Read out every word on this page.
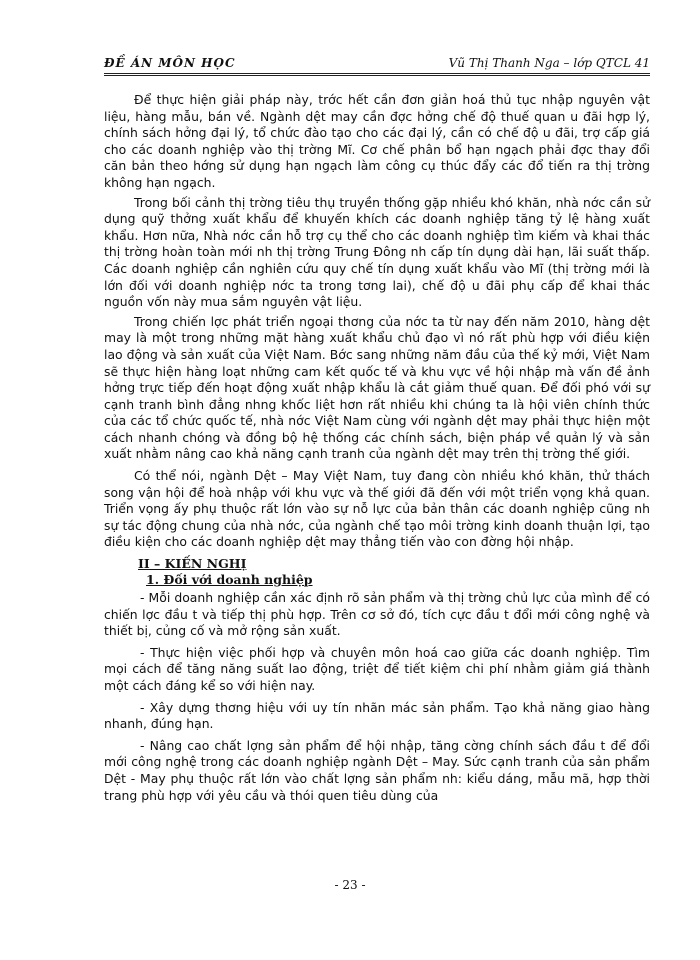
ĐỀ ÁN MÔN HỌC	Vũ Thị Thanh Nga – lớp QTCL 41

Để thực hiện giải pháp này, trớc hết cần đơn giản hoá thủ tục nhập nguyên vật liệu, hàng mẫu, bán về. Ngành dệt may cần đợc hởng chế độ thuế quan u đãi hợp lý, chính sách hởng đại lý, tổ chức đào tạo cho các đại lý, cần có chế độ u đãi, trợ cấp giá cho các doanh nghiệp vào thị trờng Mĩ. Cơ chế phân bổ hạn ngạch phải đợc thay đổi căn bản theo hớng sử dụng hạn ngạch làm công cụ thúc đẩy các đổ tiến ra thị trờng không hạn ngạch.

Trong bối cảnh thị trờng tiêu thụ truyền thống gặp nhiều khó khăn, nhà nớc cần sử dụng quỹ thởng xuất khẩu để khuyến khích các doanh nghiệp tăng tỷ lệ hàng xuất khẩu. Hơn nữa, Nhà nớc cần hỗ trợ cụ thể cho các doanh nghiệp tìm kiếm và khai thác thị trờng hoàn toàn mới nh thị trờng Trung Đông nh cấp tín dụng dài hạn, lãi suất thấp. Các doanh nghiệp cần nghiên cứu quy chế tín dụng xuất khẩu vào Mĩ (thị trờng mới là lớn đối với doanh nghiệp nớc ta trong tơng lai), chế độ u đãi phụ cấp để khai thác nguồn vốn này mua sắm nguyên vật liệu.

Trong chiến lợc phát triển ngoại thơng của nớc ta từ nay đến năm 2010, hàng dệt may là một trong những mặt hàng xuất khẩu chủ đạo vì nó rất phù hợp với điều kiện lao động và sản xuất của Việt Nam. Bớc sang những năm đầu của thế kỷ mới, Việt Nam sẽ thực hiện hàng loạt những cam kết quốc tế và khu vực về hội nhập mà vấn đề ảnh hởng trực tiếp đến hoạt động xuất nhập khẩu là cắt giảm thuế quan. Để đối phó với sự cạnh tranh bình đẳng nhng khốc liệt hơn rất nhiều khi chúng ta là hội viên chính thức của các tổ chức quốc tế, nhà nớc Việt Nam cùng với ngành dệt may phải thực hiện một cách nhanh chóng và đồng bộ hệ thống các chính sách, biện pháp về quản lý và sản xuất nhằm nâng cao khả năng cạnh tranh của ngành dệt may trên thị trờng thế giới.

Có thể nói, ngành Dệt – May Việt Nam, tuy đang còn nhiều khó khăn, thử thách song vận hội để hoà nhập với khu vực và thế giới đã đến với một triển vọng khả quan. Triển vọng ấy phụ thuộc rất lớn vào sự nỗ lực của bản thân các doanh nghiệp cũng nh sự tác động chung của nhà nớc, của ngành chế tạo môi trờng kinh doanh thuận lợi, tạo điều kiện cho các doanh nghiệp dệt may thẳng tiến vào con đờng hội nhập.

II – KIẾN NGHỊ
1. Đối với doanh nghiệp

- Mỗi doanh nghiệp cần xác định rõ sản phẩm và thị trờng chủ lực của mình để có chiến lợc đầu t và tiếp thị phù hợp. Trên cơ sở đó, tích cực đầu t đổi mới công nghệ và thiết bị, củng cố và mở rộng sản xuất.

- Thực hiện việc phối hợp và chuyên môn hoá cao giữa các doanh nghiệp. Tìm mọi cách để tăng năng suất lao động, triệt để tiết kiệm chi phí nhằm giảm giá thành một cách đáng kể so với hiện nay.

- Xây dựng thơng hiệu với uy tín nhãn mác sản phẩm. Tạo khả năng giao hàng nhanh, đúng hạn.

- Nâng cao chất lợng sản phẩm để hội nhập, tăng cờng chính sách đầu t để đổi mới công nghệ trong các doanh nghiệp ngành Dệt – May. Sức cạnh tranh của sản phẩm Dệt - May phụ thuộc rất lớn vào chất lợng sản phẩm nh: kiểu dáng, mẫu mã, hợp thời trang phù hợp với yêu cầu và thói quen tiêu dùng của

- 23 -
